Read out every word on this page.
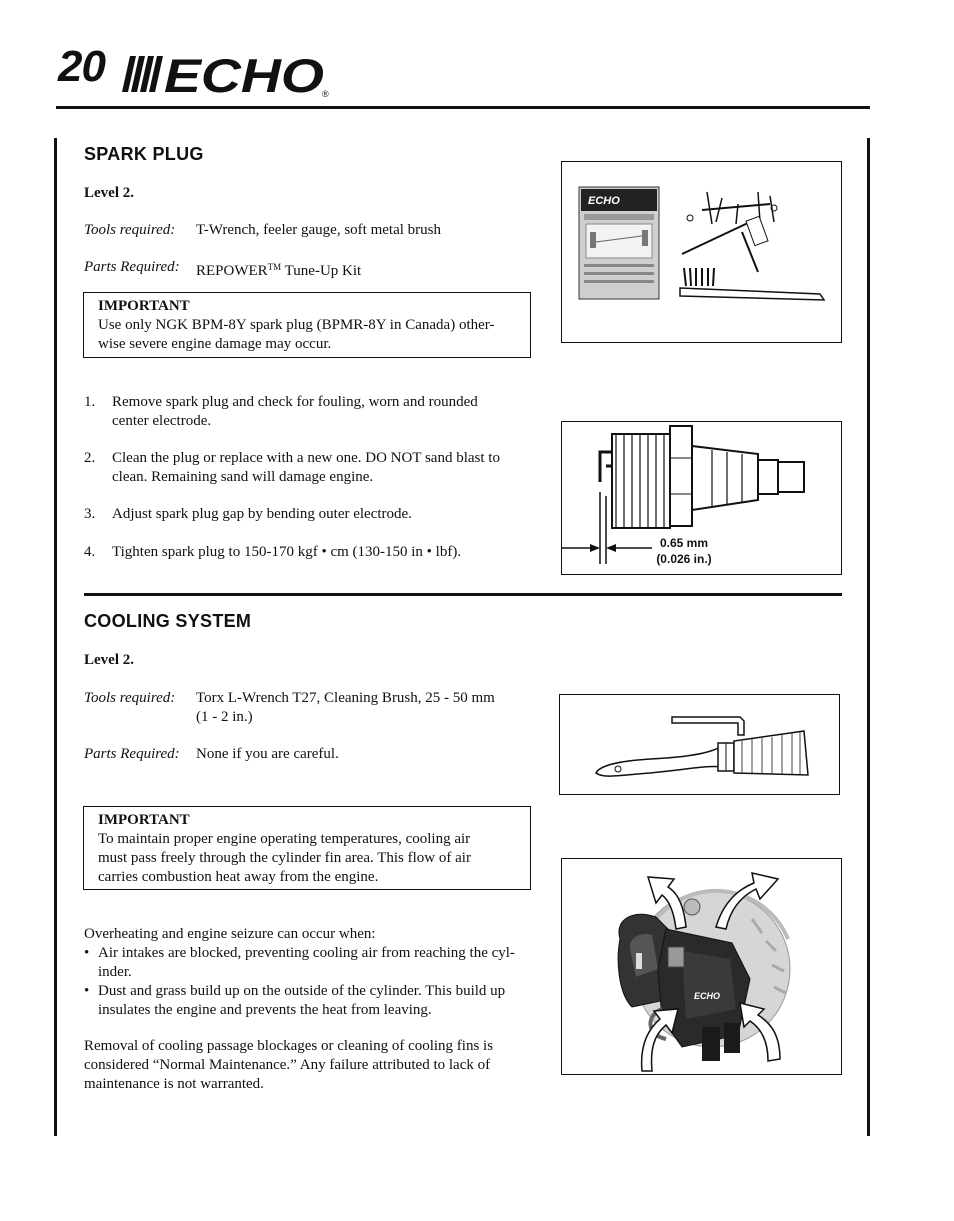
20 ECHO
®
SPARK PLUG
Level 2.
Tools required:	T-Wrench, feeler gauge, soft metal brush
Parts Required:	REPOWER™ Tune-Up Kit
IMPORTANT
Use only NGK BPM-8Y spark plug (BPMR-8Y in Canada) other-
wise severe engine damage may occur.
1.	Remove spark plug and check for fouling, worn and rounded
center electrode.
2.	Clean the plug or replace with a new one. DO NOT sand blast to
clean. Remaining sand will damage engine.
3.	Adjust spark plug gap by bending outer electrode.
4.	Tighten spark plug to 150-170 kgf • cm (130-150 in • lbf).
ECHO
0.65 mm
(0.026 in.)
COOLING SYSTEM
Level 2.
Tools required:	Torx L-Wrench T27, Cleaning Brush, 25 - 50 mm
(1 - 2 in.)
Parts Required:	None if you are careful.
IMPORTANT
To maintain proper engine operating temperatures, cooling air
must pass freely through the cylinder fin area. This flow of air
carries combustion heat away from the engine.
Overheating and engine seizure can occur when:
• Air intakes are blocked, preventing cooling air from reaching the cyl-
inder.
• Dust and grass build up on the outside of the cylinder. This build up
insulates the engine and prevents the heat from leaving.
Removal of cooling passage blockages or cleaning of cooling fins is
considered “Normal Maintenance.” Any failure attributed to lack of
maintenance is not warranted.
ECHO
